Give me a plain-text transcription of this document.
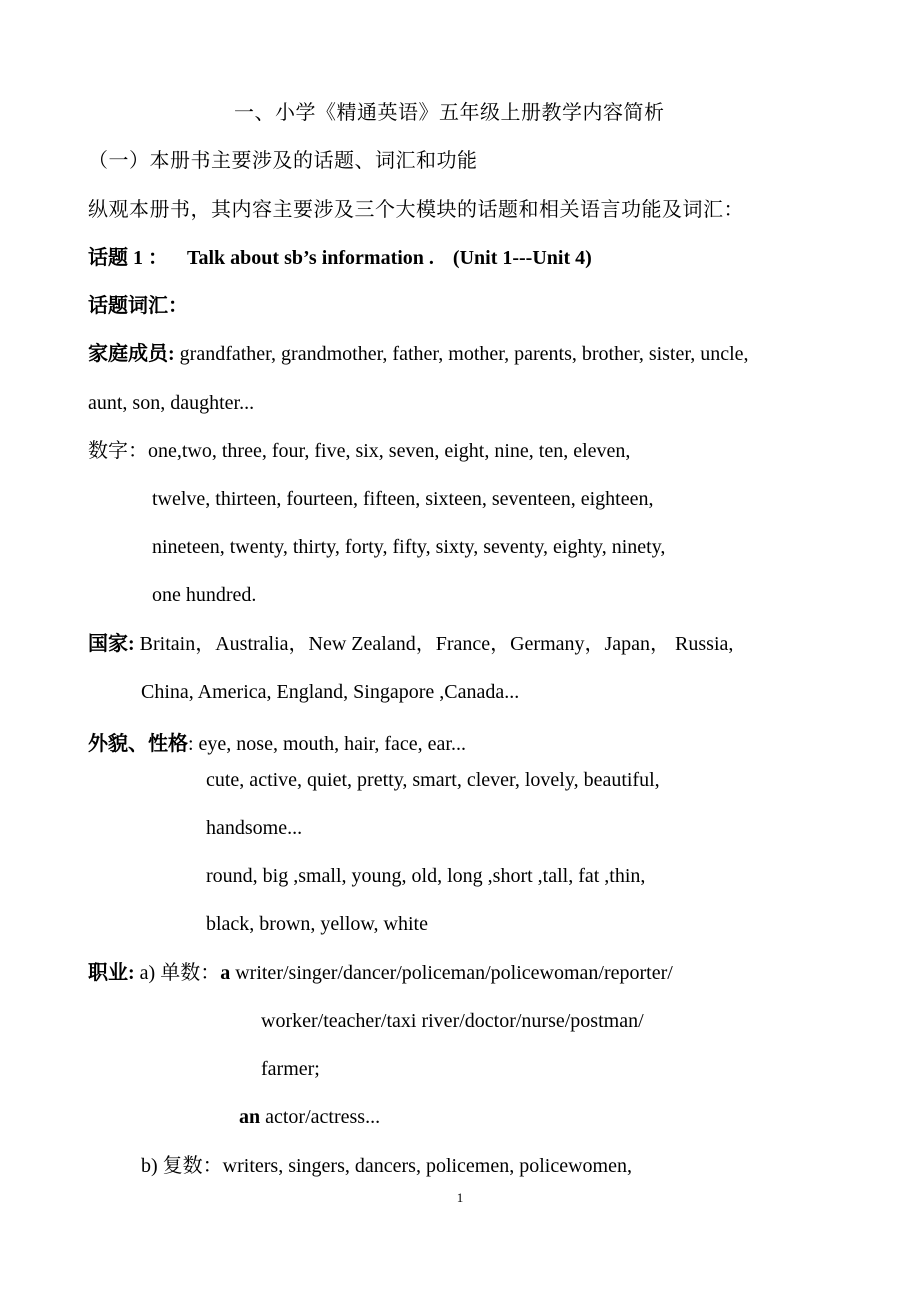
一、小学《精通英语》五年级上册教学内容简析
（一）本册书主要涉及的话题、词汇和功能
纵观本册书，其内容主要涉及三个大模块的话题和相关语言功能及词汇：
话题 1 ： Talk about sb’s information . (Unit 1---Unit 4)
话题词汇：
家庭成员: grandfather, grandmother, father, mother, parents, brother, sister, uncle,
aunt, son, daughter...
数字：one,two, three, four, five, six, seven, eight, nine, ten, eleven,
twelve, thirteen, fourteen, fifteen, sixteen, seventeen, eighteen,
nineteen, twenty, thirty, forty, fifty, sixty, seventy, eighty, ninety,
one hundred.
国家: Britain，Australia，New Zealand，France，Germany，Japan， Russia,
China, America, England, Singapore ,Canada...
外貌、性格: eye, nose, mouth, hair, face, ear...
cute, active, quiet, pretty, smart, clever, lovely, beautiful,
handsome...
round, big ,small, young, old, long ,short ,tall, fat ,thin,
black, brown, yellow, white
职业: a) 单数：a writer/singer/dancer/policeman/policewoman/reporter/
worker/teacher/taxi river/doctor/nurse/postman/
farmer;
an actor/actress...
b) 复数：writers, singers, dancers, policemen, policewomen,
1
